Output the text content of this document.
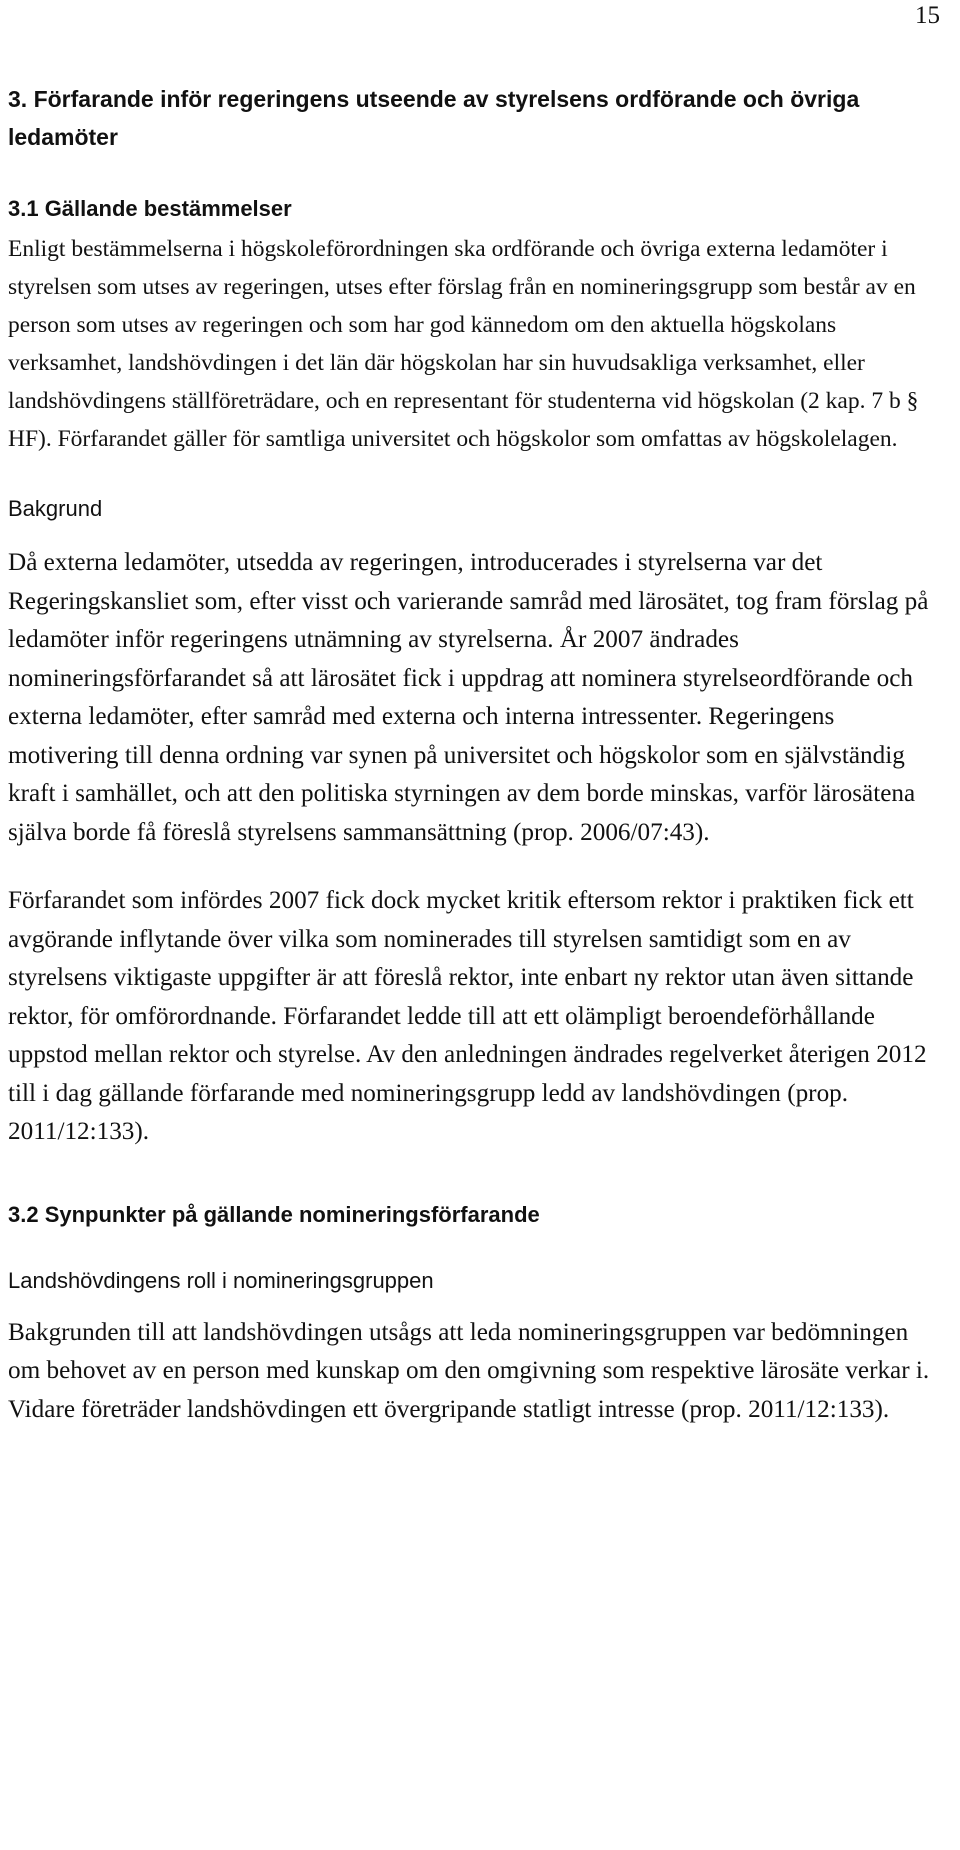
15
3. Förfarande inför regeringens utseende av styrelsens ordförande och övriga ledamöter
3.1 Gällande bestämmelser

Enligt bestämmelserna i högskoleförordningen ska ordförande och övriga externa ledamöter i styrelsen som utses av regeringen, utses efter förslag från en nomineringsgrupp som består av en person som utses av regeringen och som har god kännedom om den aktuella högskolans verksamhet, landshövdingen i det län där högskolan har sin huvudsakliga verksamhet, eller landshövdingens ställföreträdare, och en representant för studenterna vid högskolan (2 kap. 7 b § HF). Förfarandet gäller för samtliga universitet och högskolor som omfattas av högskolelagen.

Bakgrund

Då externa ledamöter, utsedda av regeringen, introducerades i styrelserna var det Regeringskansliet som, efter visst och varierande samråd med lärosätet, tog fram förslag på ledamöter inför regeringens utnämning av styrelserna. År 2007 ändrades nomineringsförfarandet så att lärosätet fick i uppdrag att nominera styrelseordförande och externa ledamöter, efter samråd med externa och interna intressenter. Regeringens motivering till denna ordning var synen på universitet och högskolor som en självständig kraft i samhället, och att den politiska styrningen av dem borde minskas, varför lärosätena själva borde få föreslå styrelsens sammansättning (prop. 2006/07:43).

Förfarandet som infördes 2007 fick dock mycket kritik eftersom rektor i praktiken fick ett avgörande inflytande över vilka som nominerades till styrelsen samtidigt som en av styrelsens viktigaste uppgifter är att föreslå rektor, inte enbart ny rektor utan även sittande rektor, för omförordnande. Förfarandet ledde till att ett olämpligt beroendeförhållande uppstod mellan rektor och styrelse. Av den anledningen ändrades regelverket återigen 2012 till i dag gällande förfarande med nomineringsgrupp ledd av landshövdingen (prop. 2011/12:133).

3.2 Synpunkter på gällande nomineringsförfarande
Landshövdingens roll i nomineringsgruppen

Bakgrunden till att landshövdingen utsågs att leda nomineringsgruppen var bedömningen om behovet av en person med kunskap om den omgivning som respektive lärosäte verkar i. Vidare företräder landshövdingen ett övergripande statligt intresse (prop. 2011/12:133).
